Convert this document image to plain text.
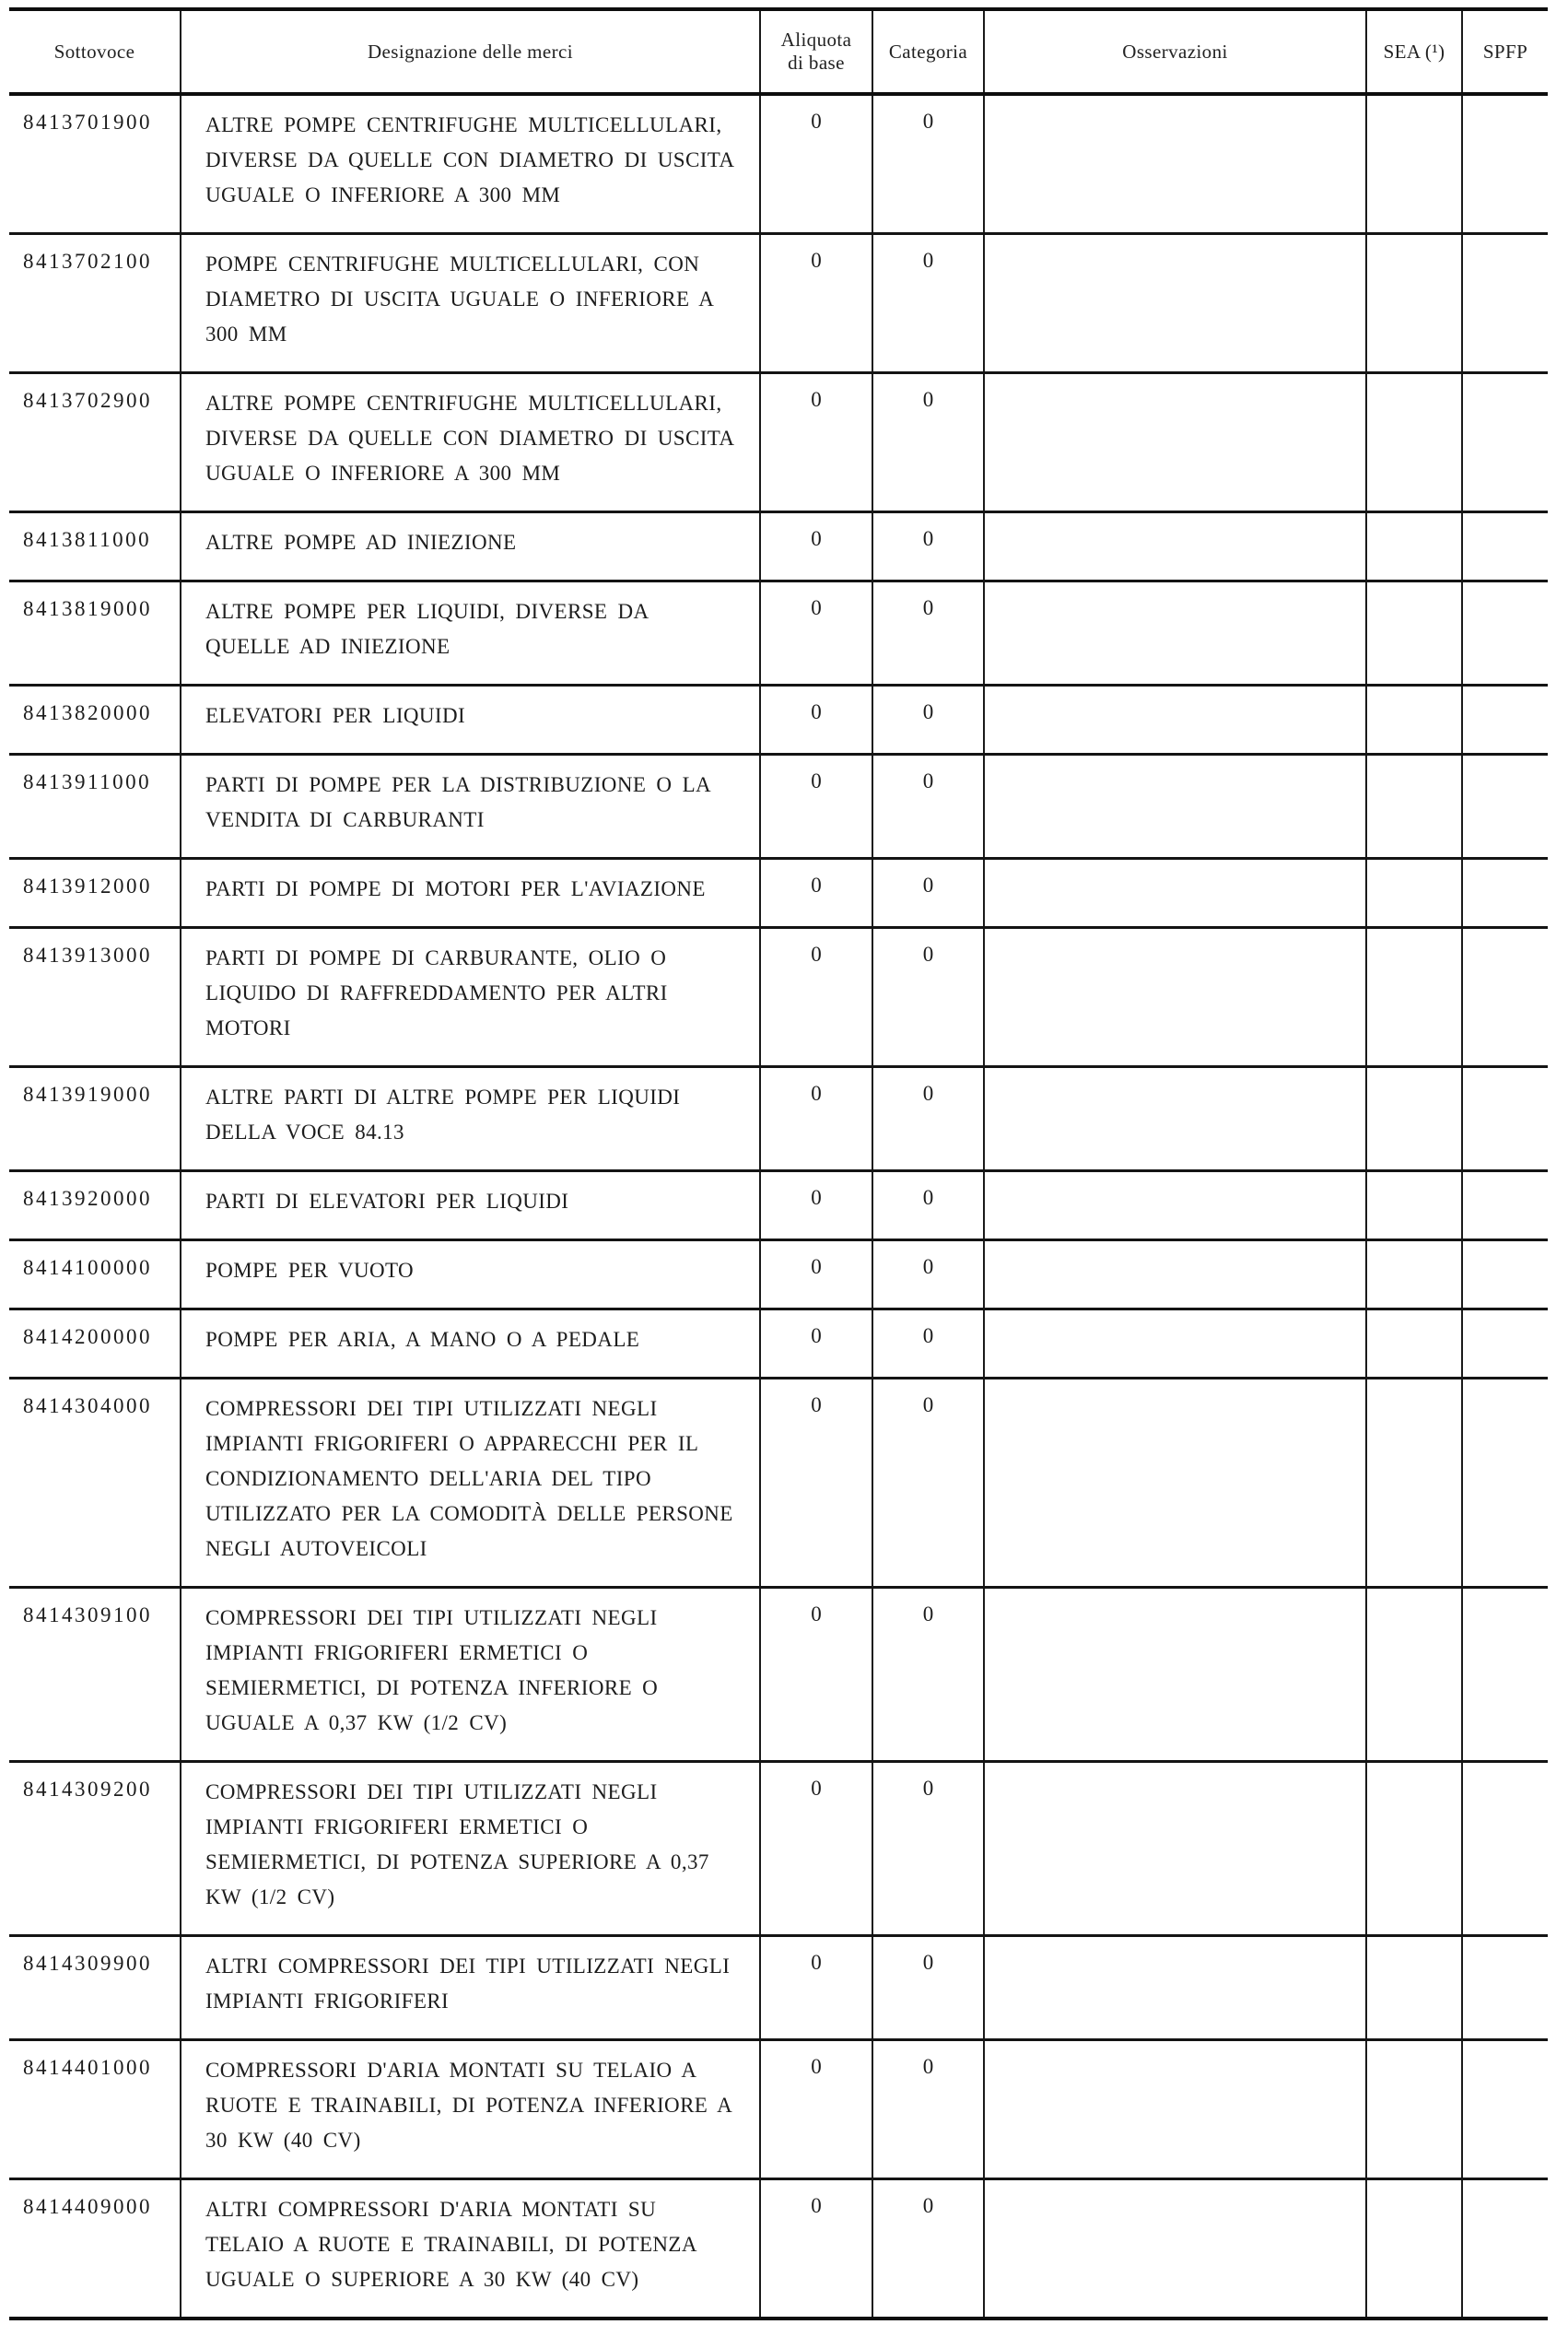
Sottovoce	Designazione delle merci	Aliquota di base	Categoria	Osservazioni	SEA (¹)	SPFP
8413701900	ALTRE POMPE CENTRIFUGHE MULTICELLULARI, DIVERSE DA QUELLE CON DIAMETRO DI USCITA UGUALE O INFERIORE A 300 MM	0	0			
8413702100	POMPE CENTRIFUGHE MULTICELLULARI, CON DIAMETRO DI USCITA UGUALE O INFERIORE A 300 MM	0	0			
8413702900	ALTRE POMPE CENTRIFUGHE MULTICELLULARI, DIVERSE DA QUELLE CON DIAMETRO DI USCITA UGUALE O INFERIORE A 300 MM	0	0			
8413811000	ALTRE POMPE AD INIEZIONE	0	0			
8413819000	ALTRE POMPE PER LIQUIDI, DIVERSE DA QUELLE AD INIEZIONE	0	0			
8413820000	ELEVATORI PER LIQUIDI	0	0			
8413911000	PARTI DI POMPE PER LA DISTRIBUZIONE O LA VENDITA DI CARBURANTI	0	0			
8413912000	PARTI DI POMPE DI MOTORI PER L'AVIAZIONE	0	0			
8413913000	PARTI DI POMPE DI CARBURANTE, OLIO O LIQUIDO DI RAFFREDDAMENTO PER ALTRI MOTORI	0	0			
8413919000	ALTRE PARTI DI ALTRE POMPE PER LIQUIDI DELLA VOCE 84.13	0	0			
8413920000	PARTI DI ELEVATORI PER LIQUIDI	0	0			
8414100000	POMPE PER VUOTO	0	0			
8414200000	POMPE PER ARIA, A MANO O A PEDALE	0	0			
8414304000	COMPRESSORI DEI TIPI UTILIZZATI NEGLI IMPIANTI FRIGORIFERI O APPARECCHI PER IL CONDIZIONAMENTO DELL'ARIA DEL TIPO UTILIZZATO PER LA COMODITÀ DELLE PERSONE NEGLI AUTOVEICOLI	0	0			
8414309100	COMPRESSORI DEI TIPI UTILIZZATI NEGLI IMPIANTI FRIGORIFERI ERMETICI O SEMIERMETICI, DI POTENZA INFERIORE O UGUALE A 0,37 KW (1/2 CV)	0	0			
8414309200	COMPRESSORI DEI TIPI UTILIZZATI NEGLI IMPIANTI FRIGORIFERI ERMETICI O SEMIERMETICI, DI POTENZA SUPERIORE A 0,37 KW (1/2 CV)	0	0			
8414309900	ALTRI COMPRESSORI DEI TIPI UTILIZZATI NEGLI IMPIANTI FRIGORIFERI	0	0			
8414401000	COMPRESSORI D'ARIA MONTATI SU TELAIO A RUOTE E TRAINABILI, DI POTENZA INFERIORE A 30 KW (40 CV)	0	0			
8414409000	ALTRI COMPRESSORI D'ARIA MONTATI SU TELAIO A RUOTE E TRAINABILI, DI POTENZA UGUALE O SUPERIORE A 30 KW (40 CV)	0	0			
